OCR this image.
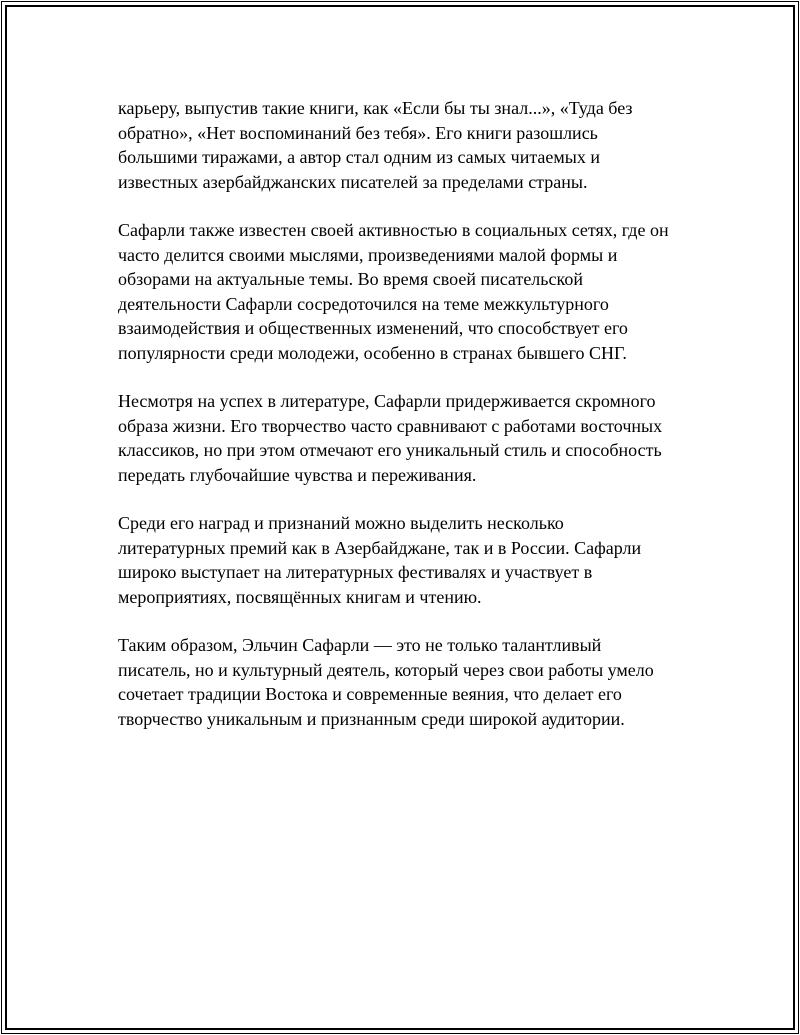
карьеру, выпустив такие книги, как «Если бы ты знал...», «Туда без
обратно», «Нет воспоминаний без тебя». Его книги разошлись
большими тиражами, а автор стал одним из самых читаемых и
известных азербайджанских писателей за пределами страны.

Сафарли также известен своей активностью в социальных сетях, где он
часто делится своими мыслями, произведениями малой формы и
обзорами на актуальные темы. Во время своей писательской
деятельности Сафарли сосредоточился на теме межкультурного
взаимодействия и общественных изменений, что способствует его
популярности среди молодежи, особенно в странах бывшего СНГ.

Несмотря на успех в литературе, Сафарли придерживается скромного
образа жизни. Его творчество часто сравнивают с работами восточных
классиков, но при этом отмечают его уникальный стиль и способность
передать глубочайшие чувства и переживания.

Среди его наград и признаний можно выделить несколько
литературных премий как в Азербайджане, так и в России. Сафарли
широко выступает на литературных фестивалях и участвует в
мероприятиях, посвящённых книгам и чтению.

Таким образом, Эльчин Сафарли — это не только талантливый
писатель, но и культурный деятель, который через свои работы умело
сочетает традиции Востока и современные веяния, что делает его
творчество уникальным и признанным среди широкой аудитории.
